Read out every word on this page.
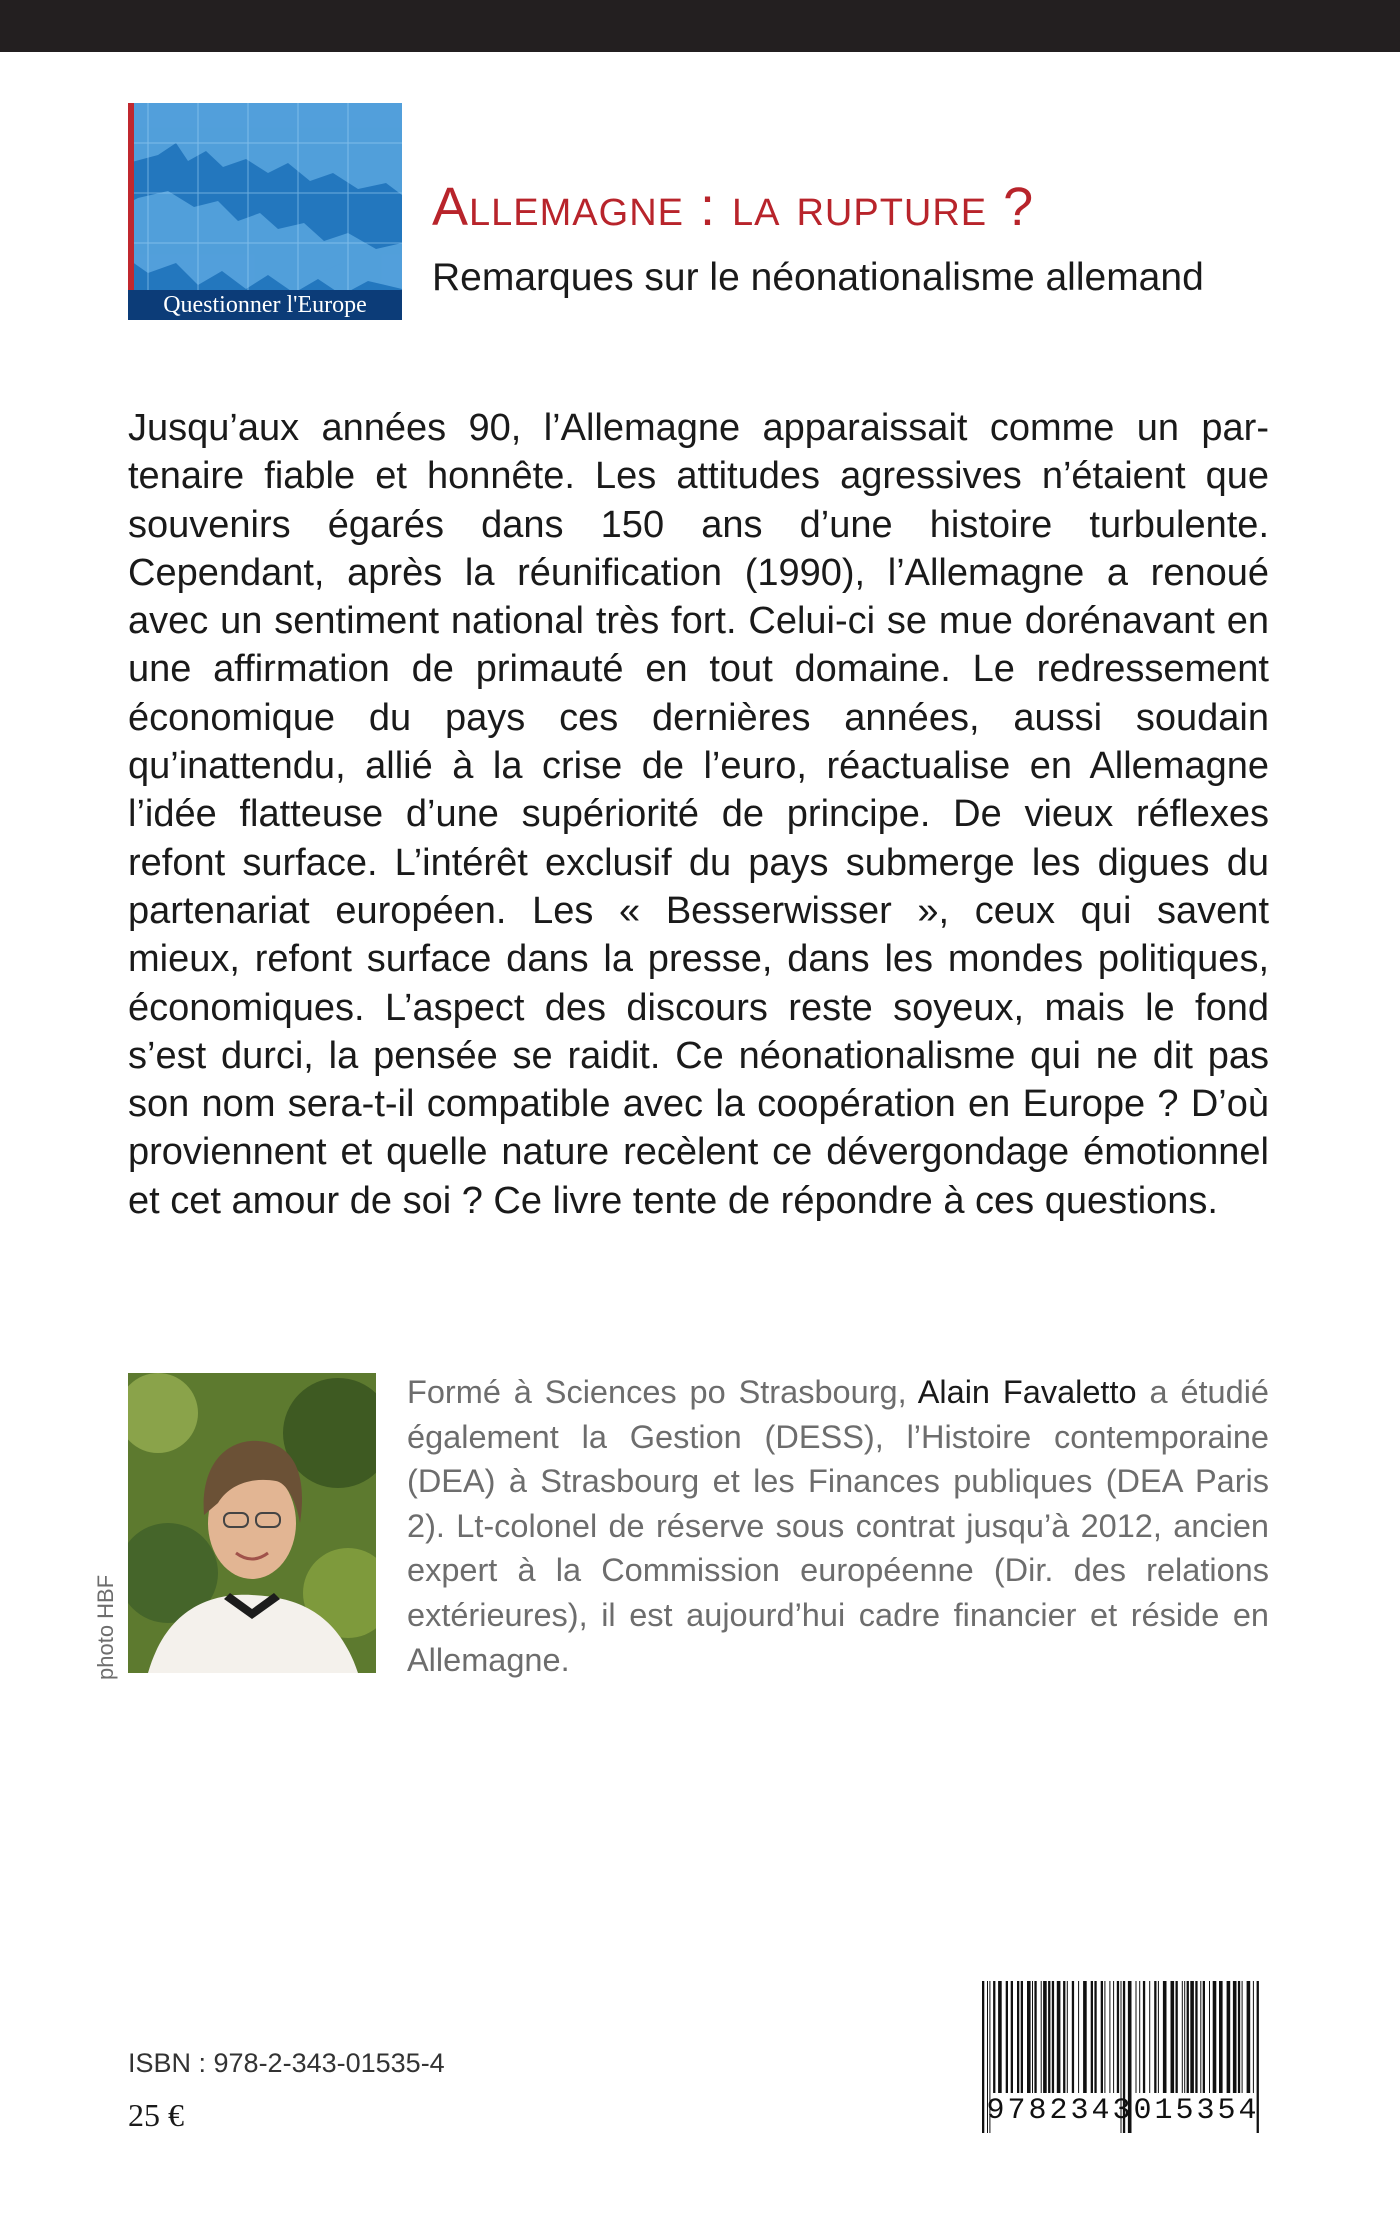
Questionner l'Europe
Allemagne : la rupture ?
Remarques sur le néonationalisme allemand

Jusqu’aux années 90, l’Allemagne apparaissait comme un partenaire fiable et honnête. Les attitudes agressives n’étaient que souvenirs égarés dans 150 ans d’une histoire turbulente. Cependant, après la réunification (1990), l’Allemagne a renoué avec un sentiment national très fort. Celui-ci se mue dorénavant en une affirmation de primauté en tout domaine. Le redressement économique du pays ces dernières années, aussi soudain qu’inattendu, allié à la crise de l’euro, réactualise en Allemagne l’idée flatteuse d’une supériorité de principe. De vieux réflexes refont surface. L’intérêt exclusif du pays submerge les digues du partenariat européen. Les « Besserwisser », ceux qui savent mieux, refont surface dans la presse, dans les mondes politiques, économiques. L’aspect des discours reste soyeux, mais le fond s’est durci, la pensée se raidit. Ce néonationalisme qui ne dit pas son nom sera-t-il compatible avec la coopération en Europe ? D’où proviennent et quelle nature recèlent ce dévergondage émotionnel et cet amour de soi ? Ce livre tente de répondre à ces questions.

photo HBF

Formé à Sciences po Strasbourg, Alain Favaletto a étudié également la Gestion (DESS), l’Histoire contemporaine (DEA) à Strasbourg et les Finances publiques (DEA Paris 2). Lt-colonel de réserve sous contrat jusqu’à 2012, ancien expert à la Commission européenne (Dir. des relations extérieures), il est aujourd’hui cadre financier et réside en Allemagne.

ISBN : 978-2-343-01535-4
25 €	9782343015354
